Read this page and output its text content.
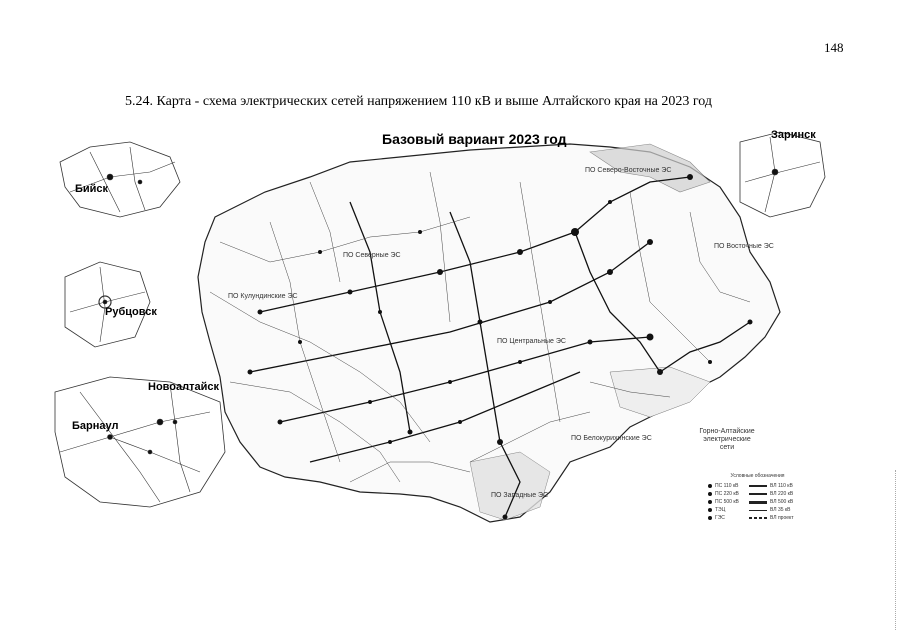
148
5.24. Карта - схема электрических сетей напряжением 110 кВ и выше Алтайского края на 2023 год
Базовый вариант 2023 год
Бийск
Рубцовск
Новоалтайск
Барнаул
Заринск
ПО Северные ЭС
ПО Северо-Восточные ЭС
ПО Восточные ЭС
ПО Кулундинские ЭС
ПО Центральные ЭС
ПО Белокурихинские ЭС
ПО Западные ЭС
Горно-Алтайские электрические сети
Условные обозначения
ПС 110 кВ	ВЛ 110 кВ
ПС 220 кВ	ВЛ 220 кВ
ПС 500 кВ	ВЛ 500 кВ
ТЭЦ	ВЛ 35 кВ
ГЭС	ВЛ проект
